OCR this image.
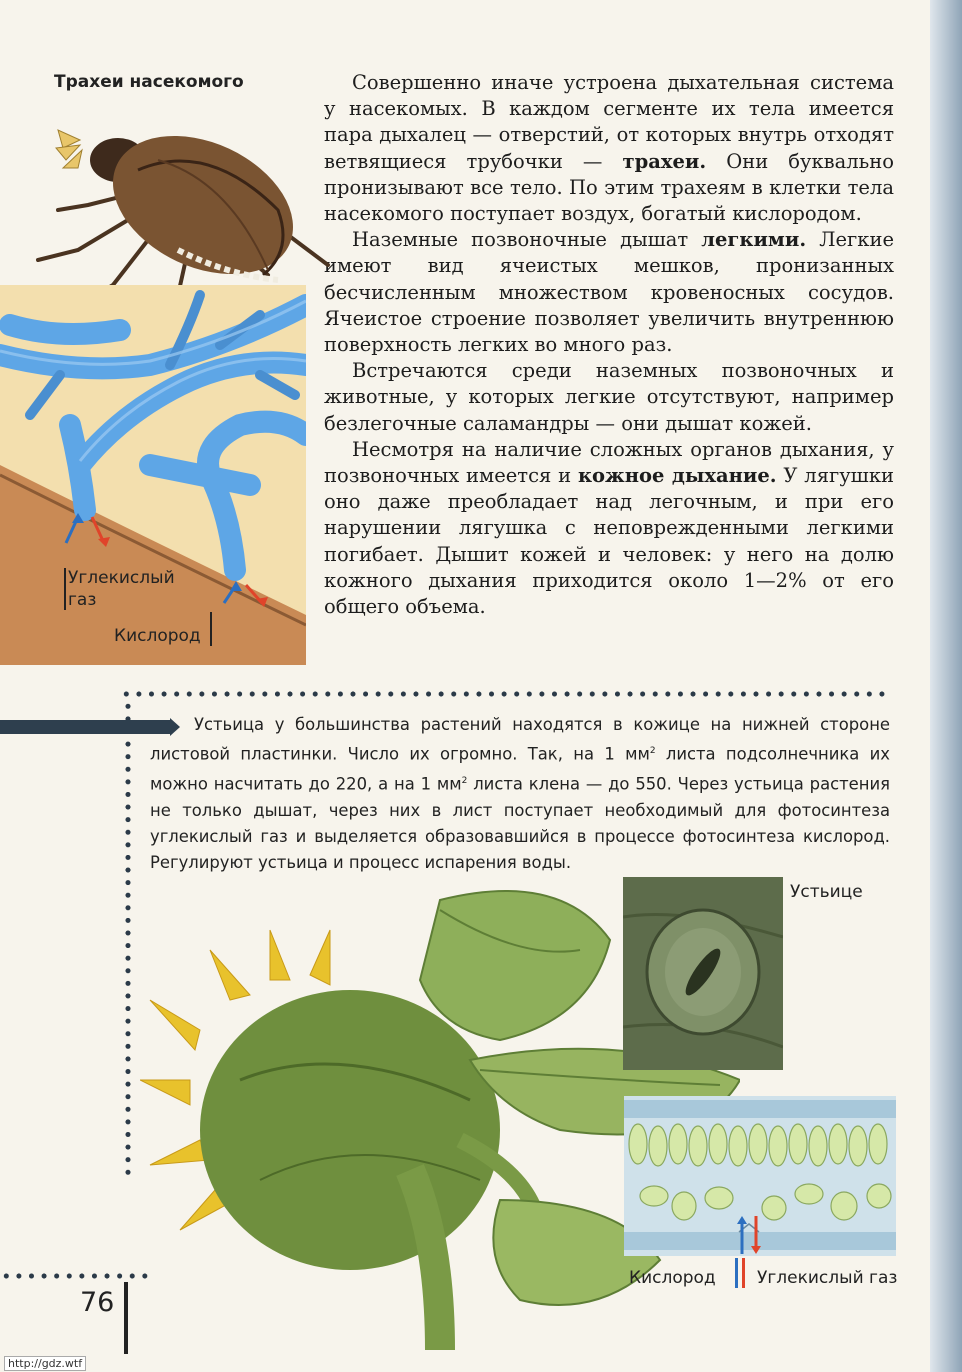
Трахеи насекомого	Совершенно иначе устроена дыхательная система у насекомых. В каждом сегменте их тела имеется пара дыхалец — отверстий, от которых внутрь отходят ветвящиеся трубочки — трахеи. Они буквально пронизывают все тело. По этим трахеям в клетки тела насекомого поступает воздух, богатый кислородом.

Наземные позвоночные дышат легкими. Легкие имеют вид ячеистых мешков, пронизанных бесчисленным множеством кровеносных сосудов. Ячеистое строение позволяет увеличить внутреннюю поверхность легких во много раз.

Встречаются среди наземных позвоночных и животные, у которых легкие отсутствуют, например безлегочные саламандры — они дышат кожей.

Несмотря на наличие сложных органов дыхания, у позвоночных имеется и кожное дыхание. У лягушки оно даже преобладает над легочным, и при его нарушении лягушка с неповрежденными легкими погибает. Дышит кожей и человек: у него на долю кожного дыхания приходится около 1—2% от его общего объема.

Углекислый
газ
Кислород

Устьица у большинства растений находятся в кожице на нижней стороне листовой пластинки. Число их огромно. Так, на 1 $мм^2$ листа подсолнечника их можно насчитать до 220, а на 1 $мм^2$ листа клена — до 550. Через устьица растения не только дышат, через них в лист поступает необходимый для фотосинтеза углекислый газ и выделяется образовавшийся в процессе фотосинтеза кислород. Регулируют устьица и процесс испарения воды.

Устьице
Кислород Углекислый газ
76
http://gdz.wtf
